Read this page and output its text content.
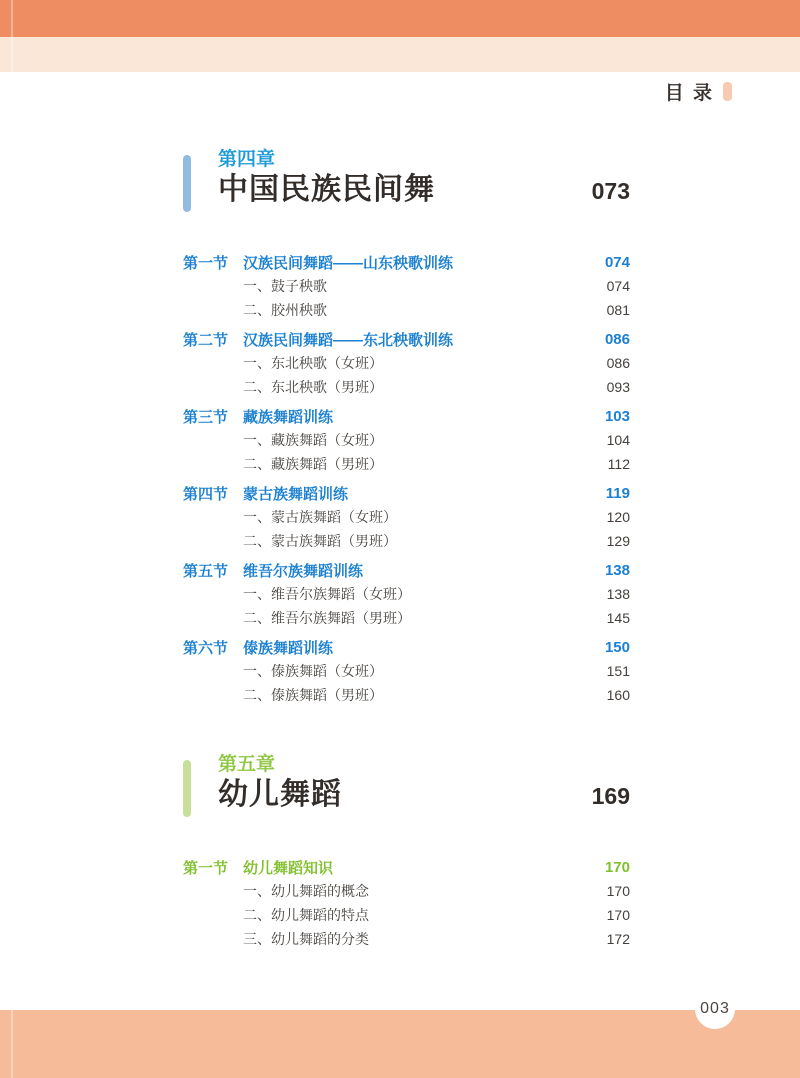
目 录
第四章
中国民族民间舞	073
第一节 汉族民间舞蹈——山东秧歌训练	074
一、鼓子秧歌	074
二、胶州秧歌	081
第二节 汉族民间舞蹈——东北秧歌训练	086
一、东北秧歌（女班）	086
二、东北秧歌（男班）	093
第三节 藏族舞蹈训练	103
一、藏族舞蹈（女班）	104
二、藏族舞蹈（男班）	112
第四节 蒙古族舞蹈训练	119
一、蒙古族舞蹈（女班）	120
二、蒙古族舞蹈（男班）	129
第五节 维吾尔族舞蹈训练	138
一、维吾尔族舞蹈（女班）	138
二、维吾尔族舞蹈（男班）	145
第六节 傣族舞蹈训练	150
一、傣族舞蹈（女班）	151
二、傣族舞蹈（男班）	160
第五章
幼儿舞蹈	169
第一节 幼儿舞蹈知识	170
一、幼儿舞蹈的概念	170
二、幼儿舞蹈的特点	170
三、幼儿舞蹈的分类	172
003
